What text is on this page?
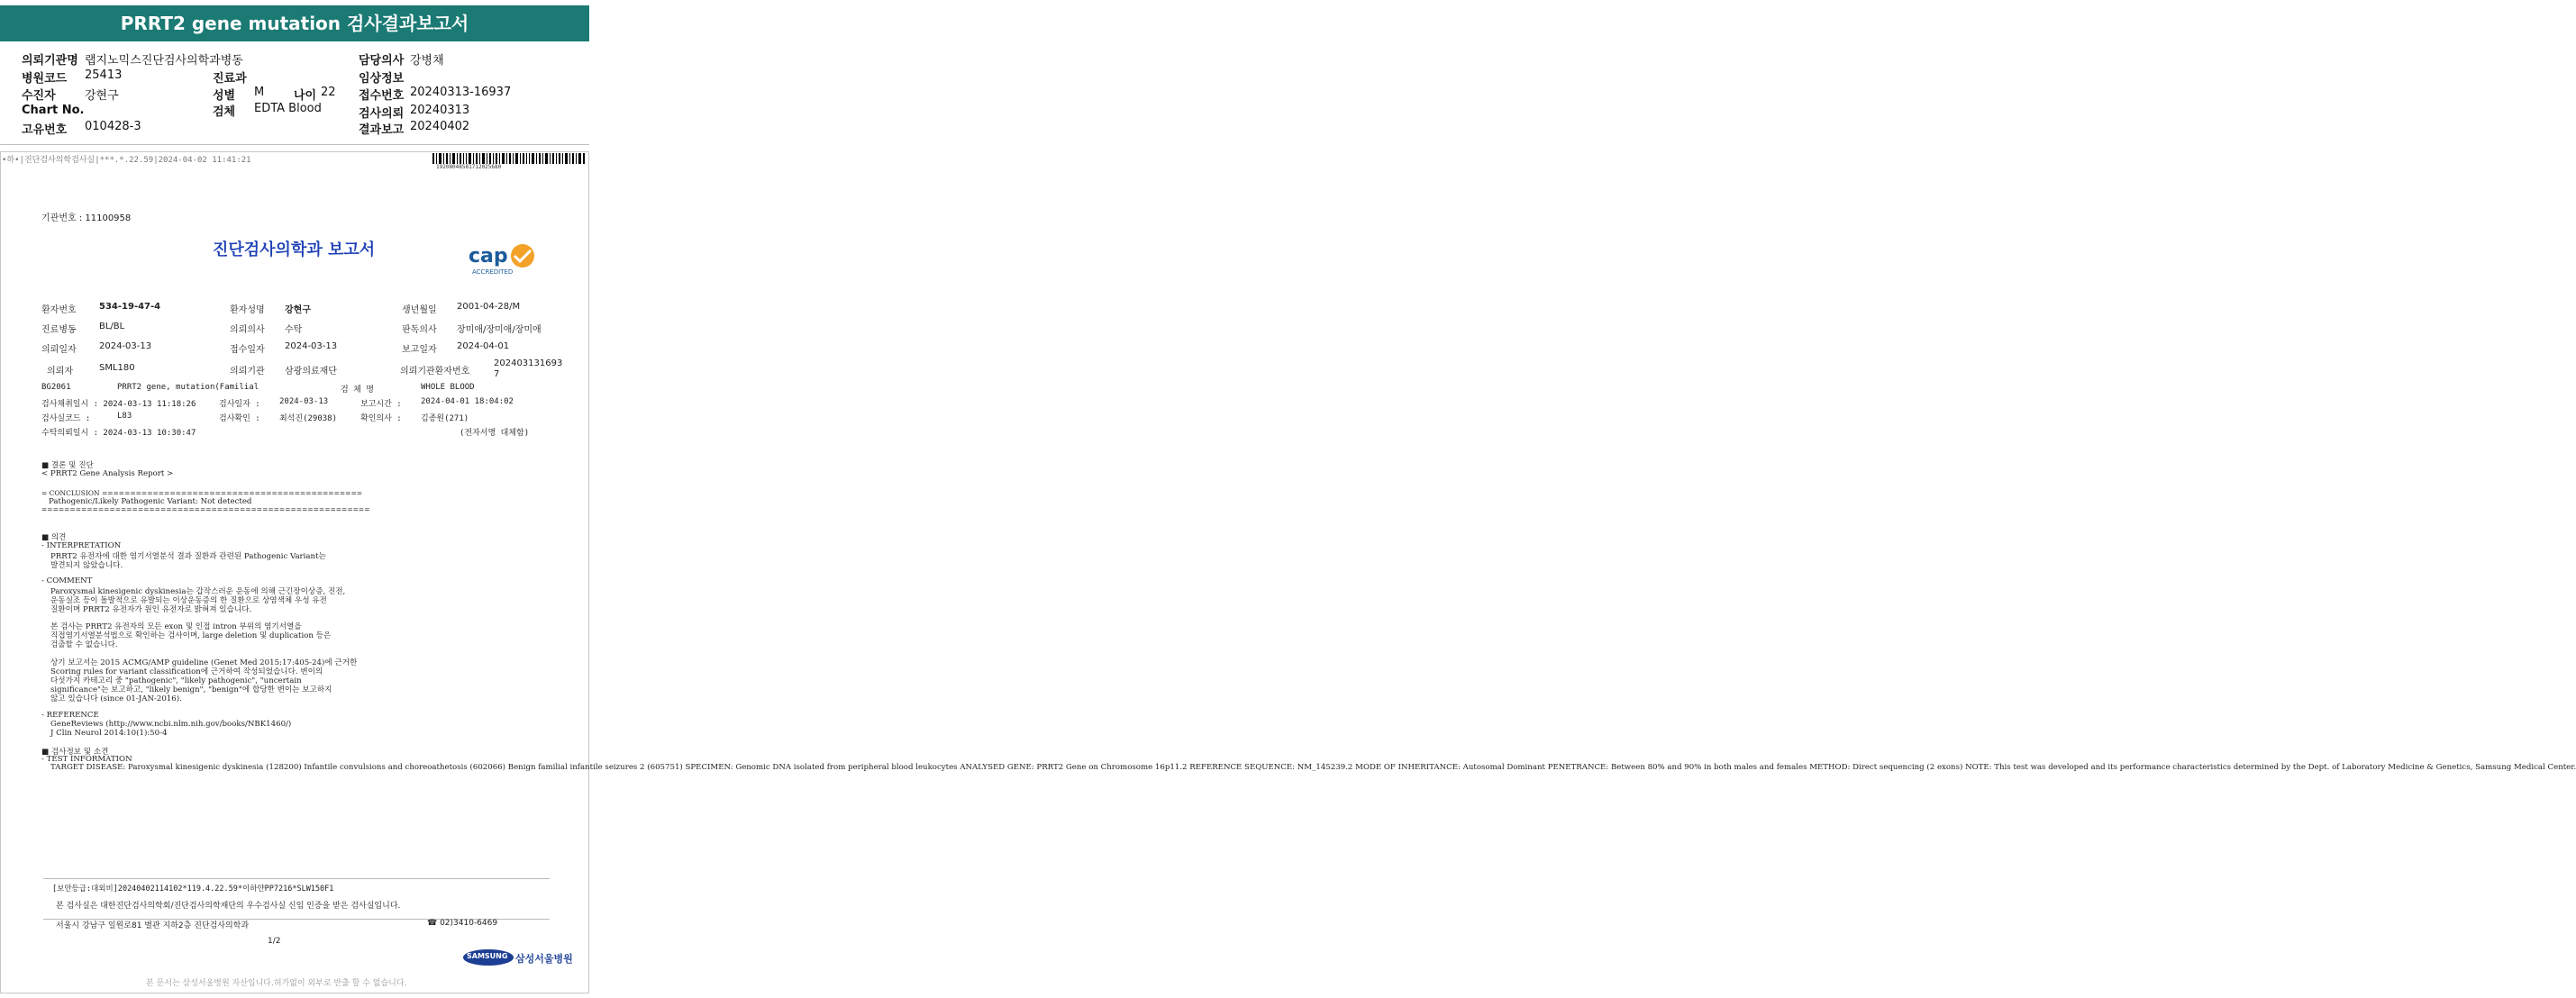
PRRT2 gene mutation 검사결과보고서
의뢰기관명 랩지노믹스진단검사의학과병동	담당의사 강병채
병원코드 25413	진료과	임상정보
수진자 강현구	성별 M	나이 22 접수번호 20240313-16937
Chart No.	검체 EDTA Blood	검사의뢰 20240313
고유번호 010428-3	결과보고 20240402
•하•|진단검사의학검사실|***.*.22.59|2024-04-02 11:41:21
19208048581712025680
기관번호 : 11100958
진단검사의학과 보고서	cap
ACCREDITED
환자번호	534-19-47-4	환자성명 강현구	생년월일 2001-04-28/M
진료병동	BL/BL	의뢰의사 수탁	판독의사 장미애/장미애/장미애
의뢰일자	2024-03-13	접수일자 2024-03-13	보고일자 2024-04-01
의뢰자	SML180	의뢰기관 삼광의료재단	의뢰기관환자번호
202403131693
7
BG2061	PRRT2 gene, mutation(Familial	검 체 명	WHOLE BLOOD
검사채취일시 : 2024-03-13 11:18:26	검사일자 : 2024-03-13	보고시간 : 2024-04-01 18:04:02
검사실코드 :	L83	검사확인 : 최석진(29038)	확인의사 : 김종원(271)
수탁의뢰일시 : 2024-03-13 10:30:47	(전자서명 대체함)
■ 결론 및 진단
< PRRT2 Gene Analysis Report >
= CONCLUSION ==============================================
Pathogenic/Likely Pathogenic Variant: Not detected
==========================================================
■ 의견
- INTERPRETATION
PRRT2 유전자에 대한 염기서열분석 결과 질환과 관련된 Pathogenic Variant는
발견되지 않았습니다.
- COMMENT
Paroxysmal kinesigenic dyskinesia는 갑작스러운 운동에 의해 근긴장이상증, 진전,
운동실조 등이 돌발적으로 유발되는 이상운동증의 한 질환으로 상염색체 우성 유전
질환이며 PRRT2 유전자가 원인 유전자로 밝혀져 있습니다.
본 검사는 PRRT2 유전자의 모든 exon 및 인접 intron 부위의 염기서열을
직접염기서열분석법으로 확인하는 검사이며, large deletion 및 duplication 등은
검출할 수 없습니다.
상기 보고서는 2015 ACMG/AMP guideline (Genet Med 2015:17:405-24)에 근거한
Scoring rules for variant classification에 근거하여 작성되었습니다. 변이의
다섯가지 카테고리 중 "pathogenic", "likely pathogenic", "uncertain
significance"는 보고하고, "likely benign", "benign"에 합당한 변이는 보고하지
않고 있습니다 (since 01-JAN-2016).
- REFERENCE
GeneReviews (http://www.ncbi.nlm.nih.gov/books/NBK1460/)
J Clin Neurol 2014:10(1):50-4
■ 검사정보 및 소견
- TEST INFORMATION
TARGET DISEASE: Paroxysmal kinesigenic dyskinesia (128200) Infantile convulsions and choreoathetosis (602066) Benign familial infantile seizures 2 (605751) SPECIMEN: Genomic DNA isolated from peripheral blood leukocytes ANALYSED GENE: PRRT2 Gene on Chromosome 16p11.2 REFERENCE SEQUENCE: NM_145239.2 MODE OF INHERITANCE: Autosomal Dominant PENETRANCE: Between 80% and 90% in both males and females METHOD: Direct sequencing (2 exons) NOTE: This test was developed and its performance characteristics determined by the Dept. of Laboratory Medicine & Genetics, Samsung Medical Center.
[보안등급:대외비]20240402114102*119.4.22.59*이하얀PP7216*SLW150F1
본 검사실은 대한진단검사의학회/진단검사의학재단의 우수검사실 신임 인증을 받은 검사실입니다.
서울시 강남구 일원로81 별관 지하2층 진단검사의학과	☎ 02)3410-6469
1/2
SAMSUNG 삼성서울병원
본 문서는 삼성서울병원 자산입니다.허가없이 외부로 반출 할 수 없습니다.
